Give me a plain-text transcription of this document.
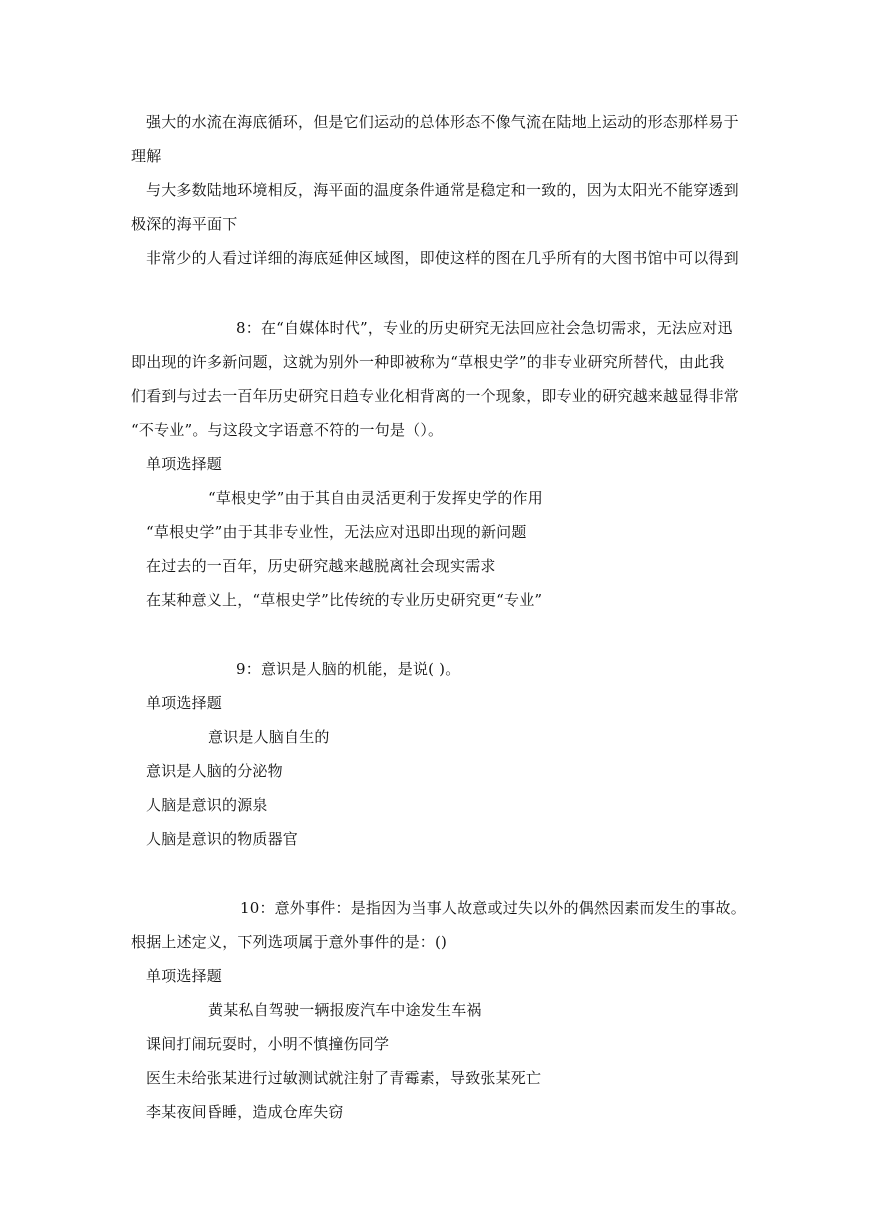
强大的水流在海底循环，但是它们运动的总体形态不像气流在陆地上运动的形态那样易于
理解
与大多数陆地环境相反，海平面的温度条件通常是稳定和一致的，因为太阳光不能穿透到
极深的海平面下
非常少的人看过详细的海底延伸区域图，即使这样的图在几乎所有的大图书馆中可以得到
8：在“自媒体时代”，专业的历史研究无法回应社会急切需求，无法应对迅
即出现的许多新问题，这就为别外一种即被称为“草根史学”的非专业研究所替代，由此我
们看到与过去一百年历史研究日趋专业化相背离的一个现象，即专业的研究越来越显得非常
“不专业”。与这段文字语意不符的一句是（）。
单项选择题
“草根史学”由于其自由灵活更利于发挥史学的作用
“草根史学”由于其非专业性，无法应对迅即出现的新问题
在过去的一百年，历史研究越来越脱离社会现实需求
在某种意义上，“草根史学”比传统的专业历史研究更“专业”
9：意识是人脑的机能，是说( )。
单项选择题
意识是人脑自生的
意识是人脑的分泌物
人脑是意识的源泉
人脑是意识的物质器官
10：意外事件：是指因为当事人故意或过失以外的偶然因素而发生的事故。
根据上述定义，下列选项属于意外事件的是：()
单项选择题
黄某私自驾驶一辆报废汽车中途发生车祸
课间打闹玩耍时，小明不慎撞伤同学
医生未给张某进行过敏测试就注射了青霉素，导致张某死亡
李某夜间昏睡，造成仓库失窃
